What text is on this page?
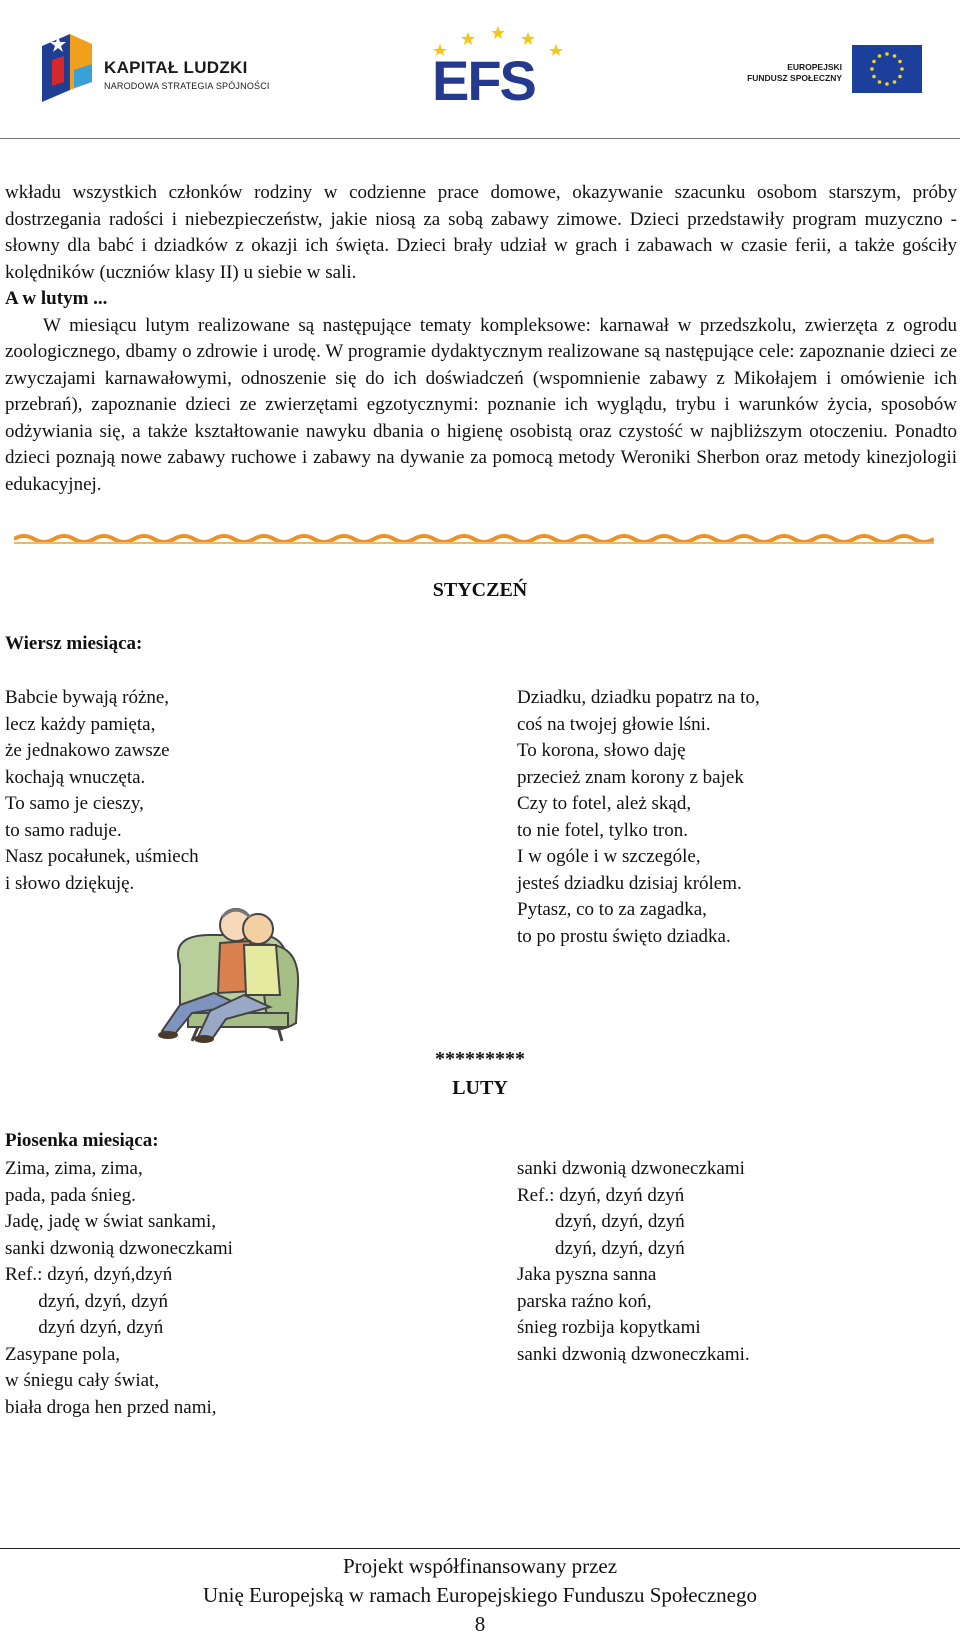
KAPITAŁ LUDZKI
NARODOWA STRATEGIA SPÓJNOŚCI	EFS	EUROPEJSKI
FUNDUSZ SPOŁECZNY

wkładu wszystkich członków rodziny w codzienne prace domowe, okazywanie szacunku osobom starszym, próby dostrzegania radości i niebezpieczeństw, jakie niosą za sobą zabawy zimowe. Dzieci przedstawiły program muzyczno - słowny dla babć i dziadków z okazji ich święta. Dzieci brały udział w grach i zabawach w czasie ferii, a także gościły kolędników (uczniów klasy II) u siebie w sali.

A w lutym ...

W miesiącu lutym realizowane są następujące tematy kompleksowe: karnawał w przedszkolu, zwierzęta z ogrodu zoologicznego, dbamy o zdrowie i urodę. W programie dydaktycznym realizowane są następujące cele: zapoznanie dzieci ze zwyczajami karnawałowymi, odnoszenie się do ich doświadczeń (wspomnienie zabawy z Mikołajem i omówienie ich przebrań), zapoznanie dzieci ze zwierzętami egzotycznymi: poznanie ich wyglądu, trybu i warunków życia, sposobów odżywiania się, a także kształtowanie nawyku dbania o higienę osobistą oraz czystość w najbliższym otoczeniu. Ponadto dzieci poznają nowe zabawy ruchowe i zabawy na dywanie za pomocą metody Weroniki Sherbon oraz metody kinezjologii edukacyjnej.

STYCZEŃ
Wiersz miesiąca:
Babcie bywają różne,
lecz każdy pamięta,
że jednakowo zawsze
kochają wnuczęta.
To samo je cieszy,
to samo raduje.
Nasz pocałunek, uśmiech
i słowo dziękuję.
Dziadku, dziadku popatrz na to,
coś na twojej głowie lśni.
To korona, słowo daję
przecież znam korony z bajek
Czy to fotel, ależ skąd,
to nie fotel, tylko tron.
I w ogóle i w szczególe,
jesteś dziadku dzisiaj królem.
Pytasz, co to za zagadka,
to po prostu święto dziadka.
*********
LUTY
Piosenka miesiąca:
Zima, zima, zima,
pada, pada śnieg.
Jadę, jadę w świat sankami,
sanki dzwonią dzwoneczkami
Ref.: dzyń, dzyń,dzyń
dzyń, dzyń, dzyń
dzyń dzyń, dzyń
Zasypane pola,
w śniegu cały świat,
biała droga hen przed nami,
sanki dzwonią dzwoneczkami
Ref.: dzyń, dzyń dzyń
dzyń, dzyń, dzyń
dzyń, dzyń, dzyń
Jaka pyszna sanna
parska raźno koń,
śnieg rozbija kopytkami
sanki dzwonią dzwoneczkami.
Projekt współfinansowany przez
Unię Europejską w ramach Europejskiego Funduszu Społecznego
8
